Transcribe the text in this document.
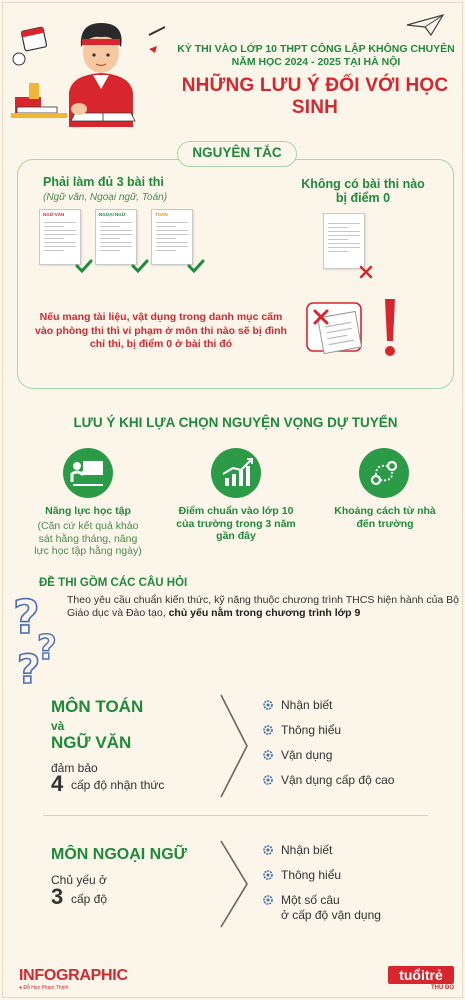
KỲ THI VÀO LỚP 10 THPT CÔNG LẬP KHÔNG CHUYÊN
NĂM HỌC 2024 - 2025 TẠI HÀ NỘI
NHỮNG LƯU Ý ĐỐI VỚI HỌC SINH
NGUYÊN TẮC
Phải làm đủ 3 bài thi
(Ngữ văn, Ngoại ngữ, Toán)
Không có bài thi nào
bị điểm 0
NGỮ VĂN	NGOẠI NGỮ	TOÁN
Nếu mang tài liệu, vật dụng trong danh mục cấm
vào phòng thi thì vi phạm ở môn thi nào sẽ bị đình
chỉ thi, bị điểm 0 ở bài thi đó
LƯU Ý KHI LỰA CHỌN NGUYỆN VỌNG DỰ TUYỂN
Năng lực học tập
(Căn cứ kết quả khảo
sát hằng tháng, năng
lực học tập hằng ngày)
Điểm chuẩn vào lớp 10
của trường trong 3 năm
gần đây
Khoảng cách từ nhà
đến trường
?
?
?
ĐỀ THI GỒM CÁC CÂU HỎI
Theo yêu cầu chuẩn kiến thức, kỹ năng thuộc chương trình THCS hiện hành của Bộ Giáo dục và Đào tạo, chủ yếu nằm trong chương trình lớp 9
MÔN TOÁN
và
NGỮ VĂN
đảm bảo
4 cấp độ nhận thức
Nhận biết
Thông hiểu
Vận dụng
Vận dụng cấp độ cao
MÔN NGOẠI NGỮ
Chủ yếu ở
3 cấp độ
Nhận biết
Thông hiểu
Một số câu
ở cấp độ vận dụng
INFOGRAPHIC
● Đỗ Học Phạm Thịnh
tuổitrẻ
THỦ ĐÔ
